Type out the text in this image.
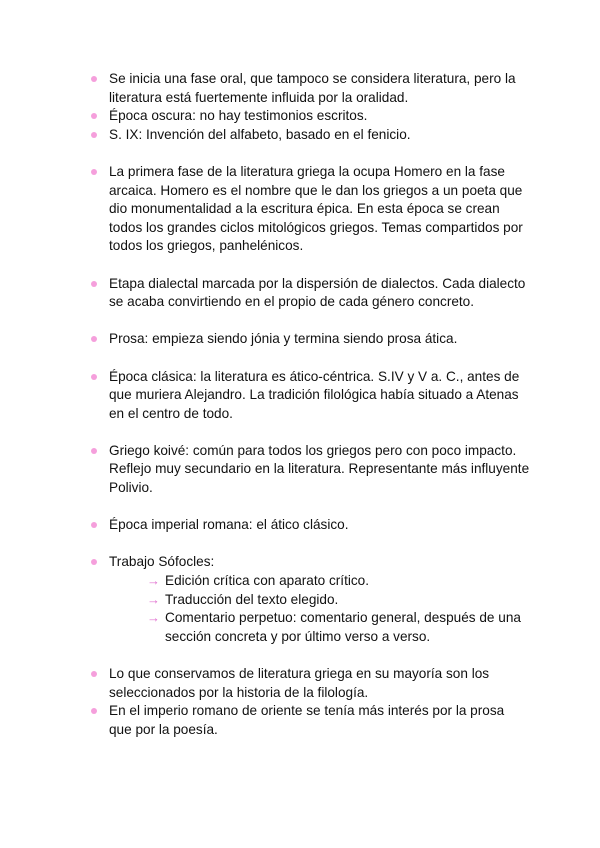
Se inicia una fase oral, que tampoco se considera literatura, pero la literatura está fuertemente influida por la oralidad.
Época oscura: no hay testimonios escritos.
S. IX: Invención del alfabeto, basado en el fenicio.
La primera fase de la literatura griega la ocupa Homero en la fase arcaica. Homero es el nombre que le dan los griegos a un poeta que dio monumentalidad a la escritura épica. En esta época se crean todos los grandes ciclos mitológicos griegos. Temas compartidos por todos los griegos, panhelénicos.
Etapa dialectal marcada por la dispersión de dialectos. Cada dialecto se acaba convirtiendo en el propio de cada género concreto.
Prosa: empieza siendo jónia y termina siendo prosa ática.
Época clásica: la literatura es ático-céntrica. S.IV y V a. C., antes de que muriera Alejandro. La tradición filológica había situado a Atenas en el centro de todo.
Griego koivé: común para todos los griegos pero con poco impacto. Reflejo muy secundario en la literatura. Representante más influyente Polivio.
Época imperial romana: el ático clásico.
Trabajo Sófocles:
→ Edición crítica con aparato crítico.
→ Traducción del texto elegido.
→ Comentario perpetuo: comentario general, después de una sección concreta y por último verso a verso.
Lo que conservamos de literatura griega en su mayoría son los seleccionados por la historia de la filología.
En el imperio romano de oriente se tenía más interés por la prosa que por la poesía.
